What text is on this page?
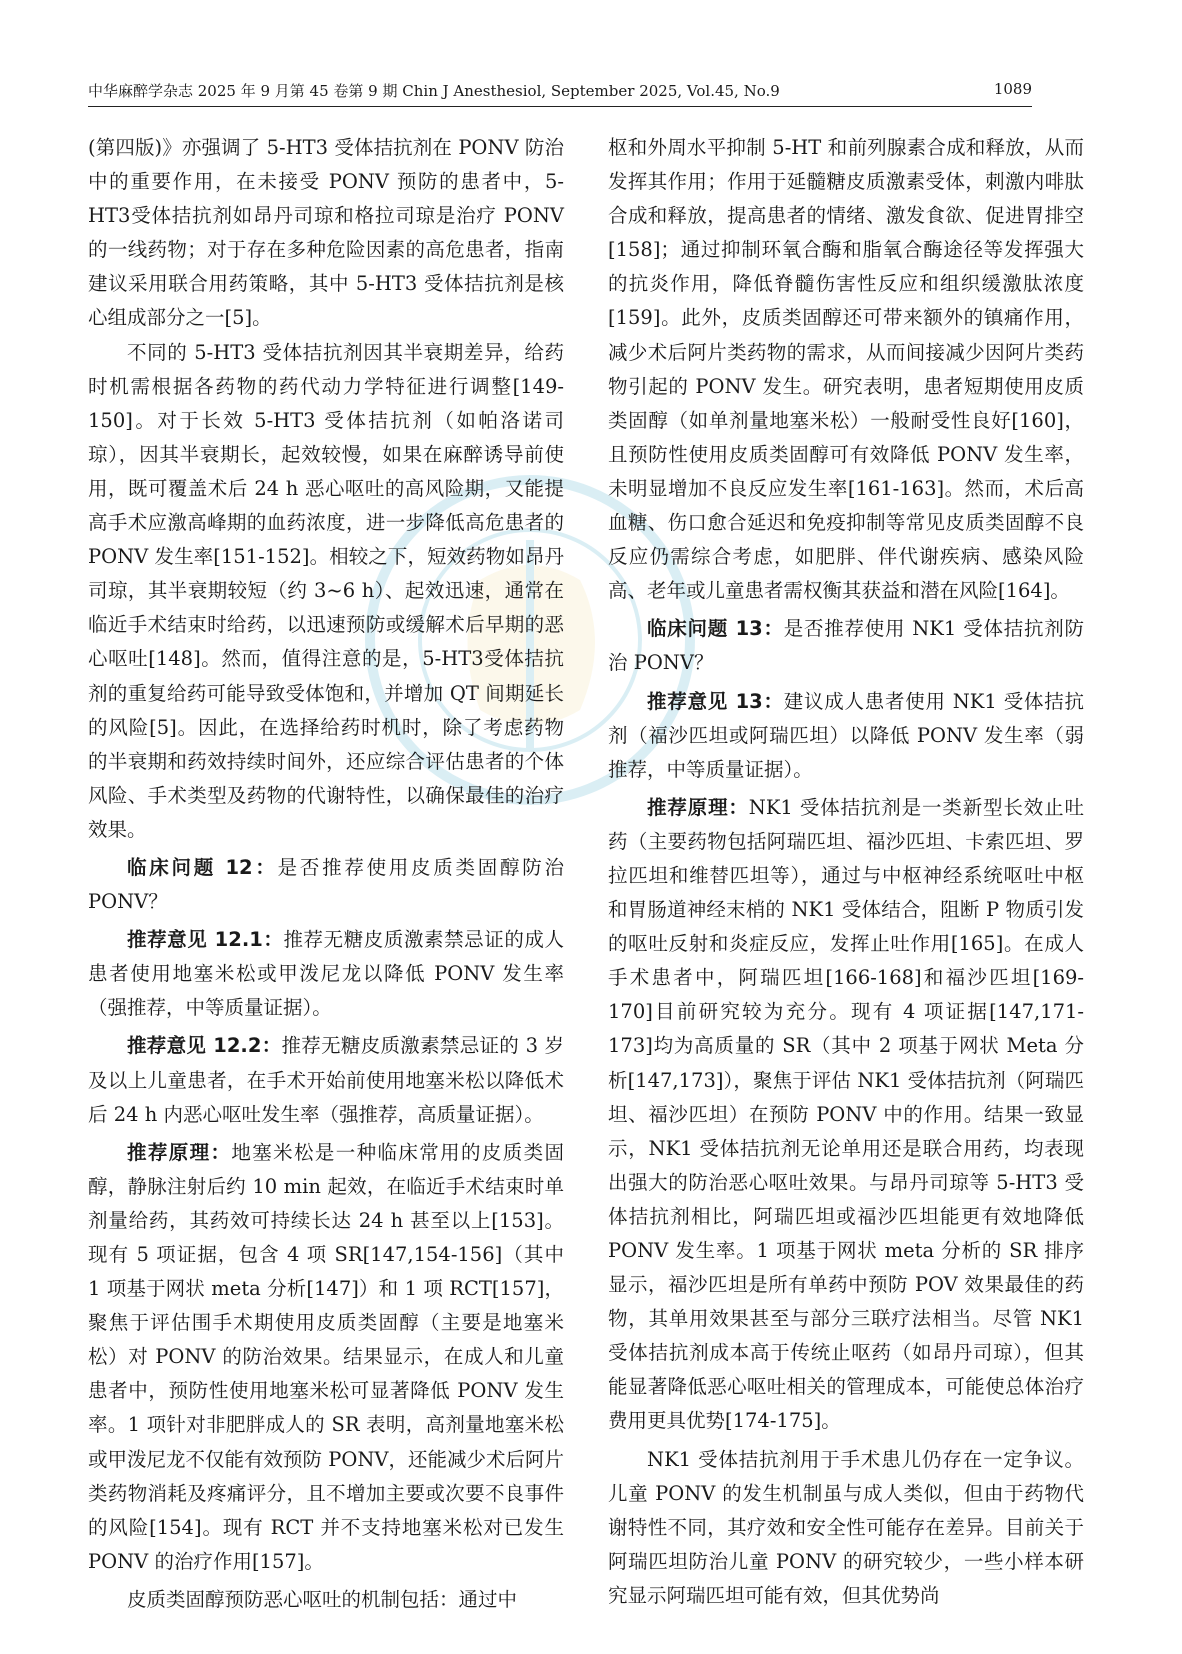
中华麻醉学杂志 2025 年 9 月第 45 卷第 9 期 Chin J Anesthesiol, September 2025, Vol.45, No.9	1089

(第四版)》亦强调了 5-HT3 受体拮抗剂在 PONV 防治中的重要作用，在未接受 PONV 预防的患者中，5-HT3受体拮抗剂如昂丹司琼和格拉司琼是治疗 PONV 的一线药物；对于存在多种危险因素的高危患者，指南建议采用联合用药策略，其中 5-HT3 受体拮抗剂是核心组成部分之一[5]。

不同的 5-HT3 受体拮抗剂因其半衰期差异，给药时机需根据各药物的药代动力学特征进行调整[149-150]。对于长效 5-HT3 受体拮抗剂（如帕洛诺司琼），因其半衰期长，起效较慢，如果在麻醉诱导前使用，既可覆盖术后 24 h 恶心呕吐的高风险期，又能提高手术应激高峰期的血药浓度，进一步降低高危患者的 PONV 发生率[151-152]。相较之下，短效药物如昂丹司琼，其半衰期较短（约 3~6 h）、起效迅速，通常在临近手术结束时给药，以迅速预防或缓解术后早期的恶心呕吐[148]。然而，值得注意的是，5-HT3受体拮抗剂的重复给药可能导致受体饱和，并增加 QT 间期延长的风险[5]。因此，在选择给药时机时，除了考虑药物的半衰期和药效持续时间外，还应综合评估患者的个体风险、手术类型及药物的代谢特性，以确保最佳的治疗效果。

临床问题 12：是否推荐使用皮质类固醇防治 PONV？

推荐意见 12.1：推荐无糖皮质激素禁忌证的成人患者使用地塞米松或甲泼尼龙以降低 PONV 发生率（强推荐，中等质量证据）。

推荐意见 12.2：推荐无糖皮质激素禁忌证的 3 岁及以上儿童患者，在手术开始前使用地塞米松以降低术后 24 h 内恶心呕吐发生率（强推荐，高质量证据）。

推荐原理：地塞米松是一种临床常用的皮质类固醇，静脉注射后约 10 min 起效，在临近手术结束时单剂量给药，其药效可持续长达 24 h 甚至以上[153]。现有 5 项证据，包含 4 项 SR[147,154-156]（其中 1 项基于网状 meta 分析[147]）和 1 项 RCT[157]，聚焦于评估围手术期使用皮质类固醇（主要是地塞米松）对 PONV 的防治效果。结果显示，在成人和儿童患者中，预防性使用地塞米松可显著降低 PONV 发生率。1 项针对非肥胖成人的 SR 表明，高剂量地塞米松或甲泼尼龙不仅能有效预防 PONV，还能减少术后阿片类药物消耗及疼痛评分，且不增加主要或次要不良事件的风险[154]。现有 RCT 并不支持地塞米松对已发生 PONV 的治疗作用[157]。

皮质类固醇预防恶心呕吐的机制包括：通过中

枢和外周水平抑制 5-HT 和前列腺素合成和释放，从而发挥其作用；作用于延髓糖皮质激素受体，刺激内啡肽合成和释放，提高患者的情绪、激发食欲、促进胃排空[158]；通过抑制环氧合酶和脂氧合酶途径等发挥强大的抗炎作用，降低脊髓伤害性反应和组织缓激肽浓度[159]。此外，皮质类固醇还可带来额外的镇痛作用，减少术后阿片类药物的需求，从而间接减少因阿片类药物引起的 PONV 发生。研究表明，患者短期使用皮质类固醇（如单剂量地塞米松）一般耐受性良好[160]，且预防性使用皮质类固醇可有效降低 PONV 发生率，未明显增加不良反应发生率[161-163]。然而，术后高血糖、伤口愈合延迟和免疫抑制等常见皮质类固醇不良反应仍需综合考虑，如肥胖、伴代谢疾病、感染风险高、老年或儿童患者需权衡其获益和潜在风险[164]。

临床问题 13：是否推荐使用 NK1 受体拮抗剂防治 PONV？

推荐意见 13：建议成人患者使用 NK1 受体拮抗剂（福沙匹坦或阿瑞匹坦）以降低 PONV 发生率（弱推荐，中等质量证据）。

推荐原理：NK1 受体拮抗剂是一类新型长效止吐药（主要药物包括阿瑞匹坦、福沙匹坦、卡索匹坦、罗拉匹坦和维替匹坦等），通过与中枢神经系统呕吐中枢和胃肠道神经末梢的 NK1 受体结合，阻断 P 物质引发的呕吐反射和炎症反应，发挥止吐作用[165]。在成人手术患者中，阿瑞匹坦[166-168]和福沙匹坦[169-170]目前研究较为充分。现有 4 项证据[147,171-173]均为高质量的 SR（其中 2 项基于网状 Meta 分析[147,173]），聚焦于评估 NK1 受体拮抗剂（阿瑞匹坦、福沙匹坦）在预防 PONV 中的作用。结果一致显示，NK1 受体拮抗剂无论单用还是联合用药，均表现出强大的防治恶心呕吐效果。与昂丹司琼等 5-HT3 受体拮抗剂相比，阿瑞匹坦或福沙匹坦能更有效地降低 PONV 发生率。1 项基于网状 meta 分析的 SR 排序显示，福沙匹坦是所有单药中预防 POV 效果最佳的药物，其单用效果甚至与部分三联疗法相当。尽管 NK1 受体拮抗剂成本高于传统止呕药（如昂丹司琼），但其能显著降低恶心呕吐相关的管理成本，可能使总体治疗费用更具优势[174-175]。

NK1 受体拮抗剂用于手术患儿仍存在一定争议。儿童 PONV 的发生机制虽与成人类似，但由于药物代谢特性不同，其疗效和安全性可能存在差异。目前关于阿瑞匹坦防治儿童 PONV 的研究较少，一些小样本研究显示阿瑞匹坦可能有效，但其优势尚
